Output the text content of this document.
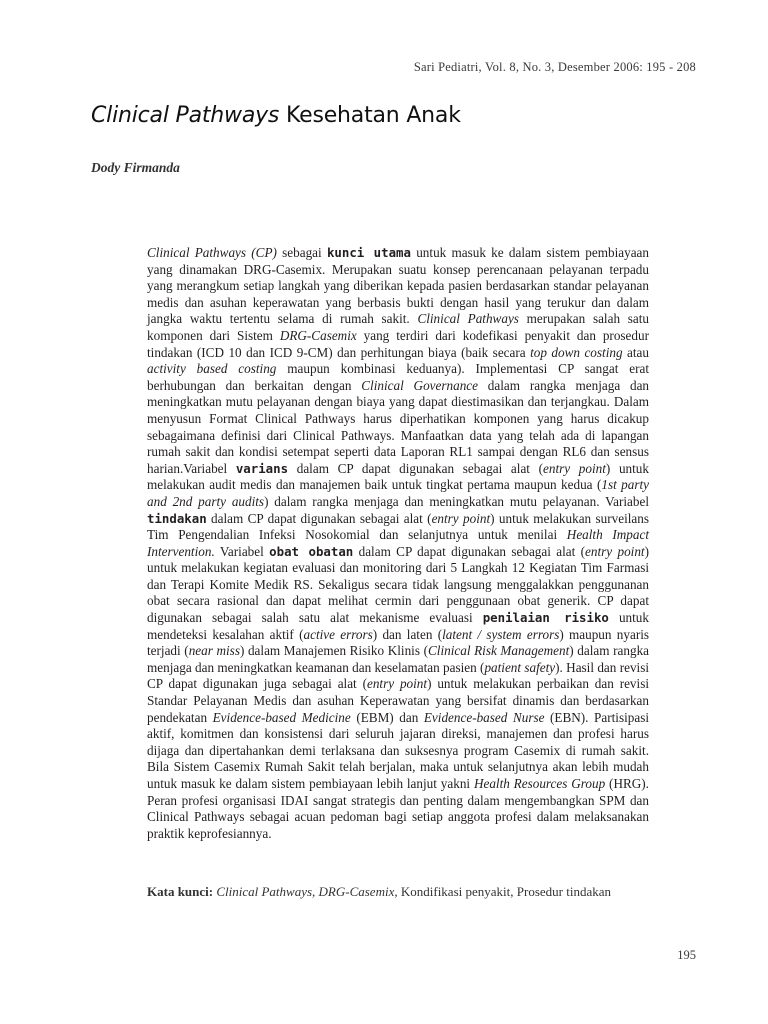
Sari Pediatri, Vol. 8, No. 3, Desember 2006: 195 - 208
Clinical Pathways Kesehatan Anak
Dody Firmanda

Clinical Pathways (CP) sebagai kunci utama untuk masuk ke dalam sistem pembiayaan yang dinamakan DRG-Casemix. Merupakan suatu konsep perencanaan pelayanan terpadu yang merangkum setiap langkah yang diberikan kepada pasien berdasarkan standar pelayanan medis dan asuhan keperawatan yang berbasis bukti dengan hasil yang terukur dan dalam jangka waktu tertentu selama di rumah sakit. Clinical Pathways merupakan salah satu komponen dari Sistem DRG-Casemix yang terdiri dari kodefikasi penyakit dan prosedur tindakan (ICD 10 dan ICD 9-CM) dan perhitungan biaya (baik secara top down costing atau activity based costing maupun kombinasi keduanya). Implementasi CP sangat erat berhubungan dan berkaitan dengan Clinical Governance dalam rangka menjaga dan meningkatkan mutu pelayanan dengan biaya yang dapat diestimasikan dan terjangkau. Dalam menyusun Format Clinical Pathways harus diperhatikan komponen yang harus dicakup sebagaimana definisi dari Clinical Pathways. Manfaatkan data yang telah ada di lapangan rumah sakit dan kondisi setempat seperti data Laporan RL1 sampai dengan RL6 dan sensus harian.Variabel varians dalam CP dapat digunakan sebagai alat (entry point) untuk melakukan audit medis dan manajemen baik untuk tingkat pertama maupun kedua (1st party and 2nd party audits) dalam rangka menjaga dan meningkatkan mutu pelayanan. Variabel tindakan dalam CP dapat digunakan sebagai alat (entry point) untuk melakukan surveilans Tim Pengendalian Infeksi Nosokomial dan selanjutnya untuk menilai Health Impact Intervention. Variabel obat obatan dalam CP dapat digunakan sebagai alat (entry point) untuk melakukan kegiatan evaluasi dan monitoring dari 5 Langkah 12 Kegiatan Tim Farmasi dan Terapi Komite Medik RS. Sekaligus secara tidak langsung menggalakkan penggunanan obat secara rasional dan dapat melihat cermin dari penggunaan obat generik. CP dapat digunakan sebagai salah satu alat mekanisme evaluasi penilaian risiko untuk mendeteksi kesalahan aktif (active errors) dan laten (latent / system errors) maupun nyaris terjadi (near miss) dalam Manajemen Risiko Klinis (Clinical Risk Management) dalam rangka menjaga dan meningkatkan keamanan dan keselamatan pasien (patient safety). Hasil dan revisi CP dapat digunakan juga sebagai alat (entry point) untuk melakukan perbaikan dan revisi Standar Pelayanan Medis dan asuhan Keperawatan yang bersifat dinamis dan berdasarkan pendekatan Evidence-based Medicine (EBM) dan Evidence-based Nurse (EBN). Partisipasi aktif, komitmen dan konsistensi dari seluruh jajaran direksi, manajemen dan profesi harus dijaga dan dipertahankan demi terlaksana dan suksesnya program Casemix di rumah sakit. Bila Sistem Casemix Rumah Sakit telah berjalan, maka untuk selanjutnya akan lebih mudah untuk masuk ke dalam sistem pembiayaan lebih lanjut yakni Health Resources Group (HRG). Peran profesi organisasi IDAI sangat strategis dan penting dalam mengembangkan SPM dan Clinical Pathways sebagai acuan pedoman bagi setiap anggota profesi dalam melaksanakan praktik keprofesiannya.

Kata kunci: Clinical Pathways, DRG-Casemix, Kondifikasi penyakit, Prosedur tindakan
195
